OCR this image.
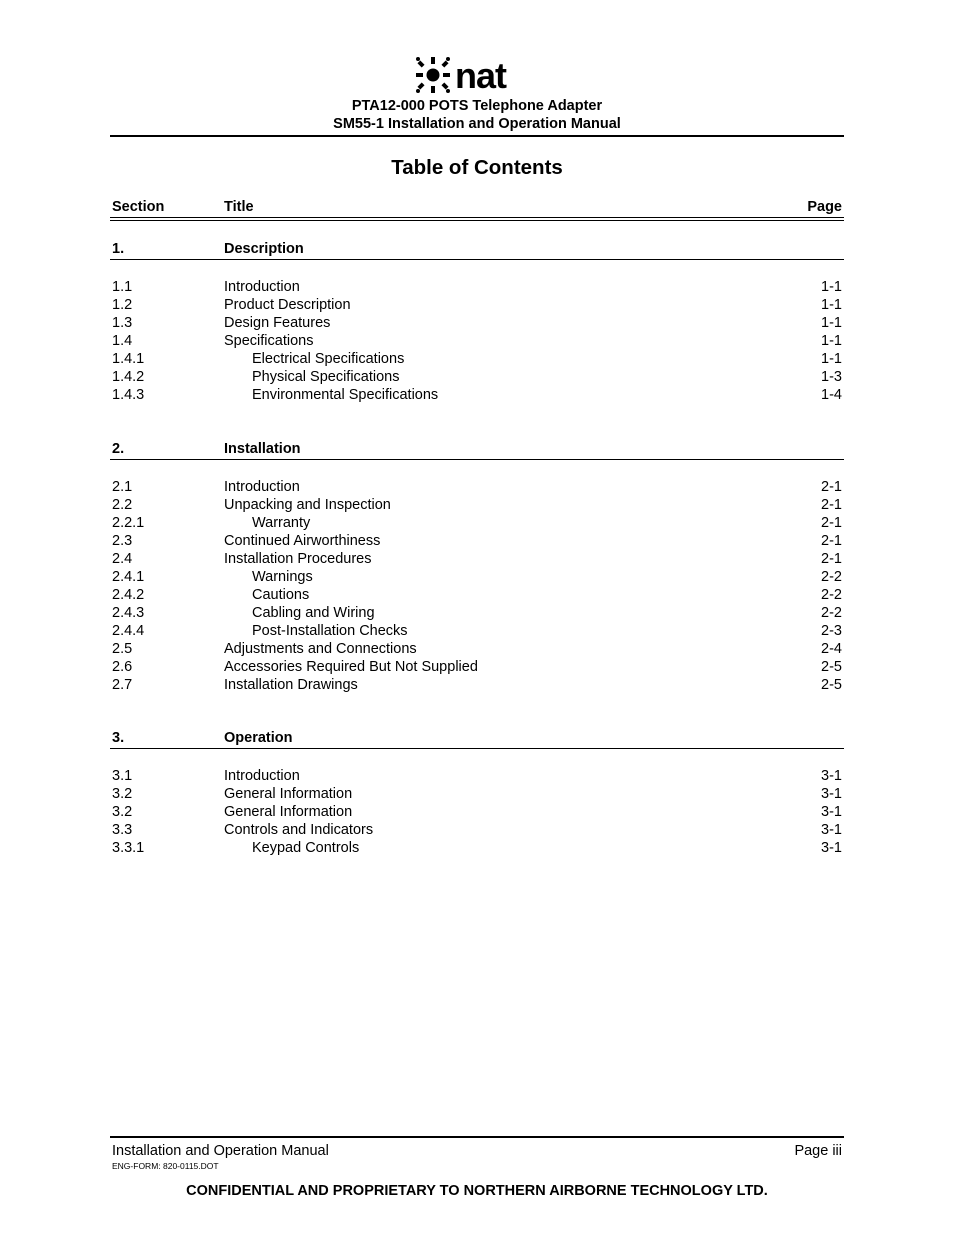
nat
PTA12-000 POTS Telephone Adapter
SM55-1 Installation and Operation Manual
Table of Contents
Section	Title	Page
1.	Description
1.1	Introduction	1-1
1.2	Product Description	1-1
1.3	Design Features	1-1
1.4	Specifications	1-1
1.4.1	Electrical Specifications	1-1
1.4.2	Physical Specifications	1-3
1.4.3	Environmental Specifications	1-4
2.	Installation
2.1	Introduction	2-1
2.2	Unpacking and Inspection	2-1
2.2.1	Warranty	2-1
2.3	Continued Airworthiness	2-1
2.4	Installation Procedures	2-1
2.4.1	Warnings	2-2
2.4.2	Cautions	2-2
2.4.3	Cabling and Wiring	2-2
2.4.4	Post-Installation Checks	2-3
2.5	Adjustments and Connections	2-4
2.6	Accessories Required But Not Supplied	2-5
2.7	Installation Drawings	2-5
3.	Operation
3.1	Introduction	3-1
3.2	General Information	3-1
3.2	General Information	3-1
3.3	Controls and Indicators	3-1
3.3.1	Keypad Controls	3-1
Installation and Operation Manual	Page iii
ENG-FORM: 820-0115.DOT
CONFIDENTIAL AND PROPRIETARY TO NORTHERN AIRBORNE TECHNOLOGY LTD.
